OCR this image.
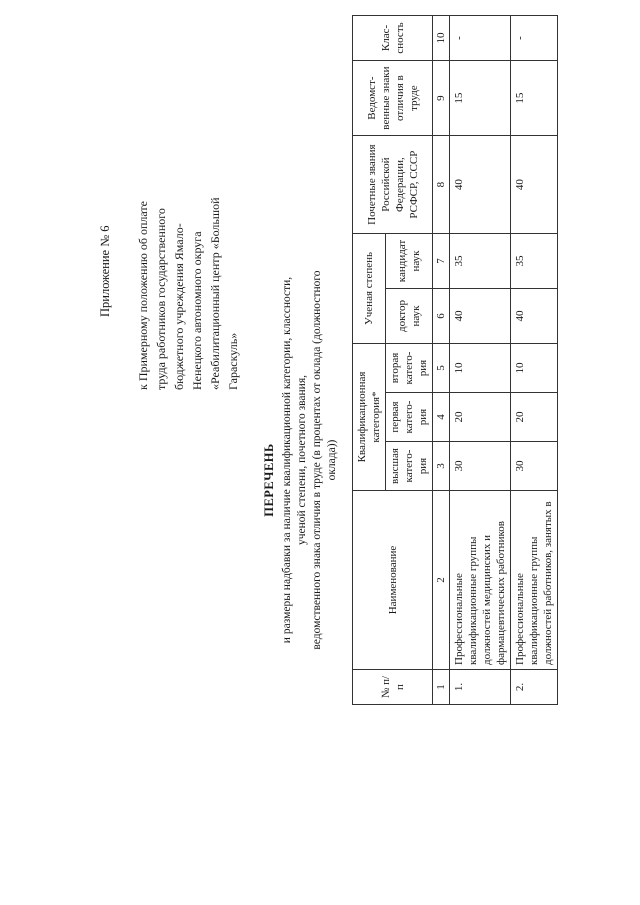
Приложение № 6 к Примерному положению об оплате труда работников государственного бюджетного учреждения Ямало- Ненецкого автономного округа «Реабилитационный центр «Большой Гараскуль»
ПЕРЕЧЕНЬ и размеры надбавки за наличие квалификационной категории, классности, ученой степени, почетного звания, ведомственного знака отличия в труде (в процентах от оклада (должностного оклада))
№ п/п	Наименование	Квалификационная категория*			Ученая степень		Почетные звания Российской Федерации, РСФСР, СССР	Ведомст- венные знаки отличия в труде	Клас- сность
		высшая катего- рия	первая катего- рия	вторая катего- рия	доктор наук	кандидат наук			
1	2	3	4	5	6	7	8	9	10
1.	Профессиональные квалификационные группы должностей медицинских и фармацевтических работников	30	20	10	40	35	40	15	-
2.	Профессиональные квалификационные группы должностей работников, занятых в	30	20	10	40	35	40	15	-
